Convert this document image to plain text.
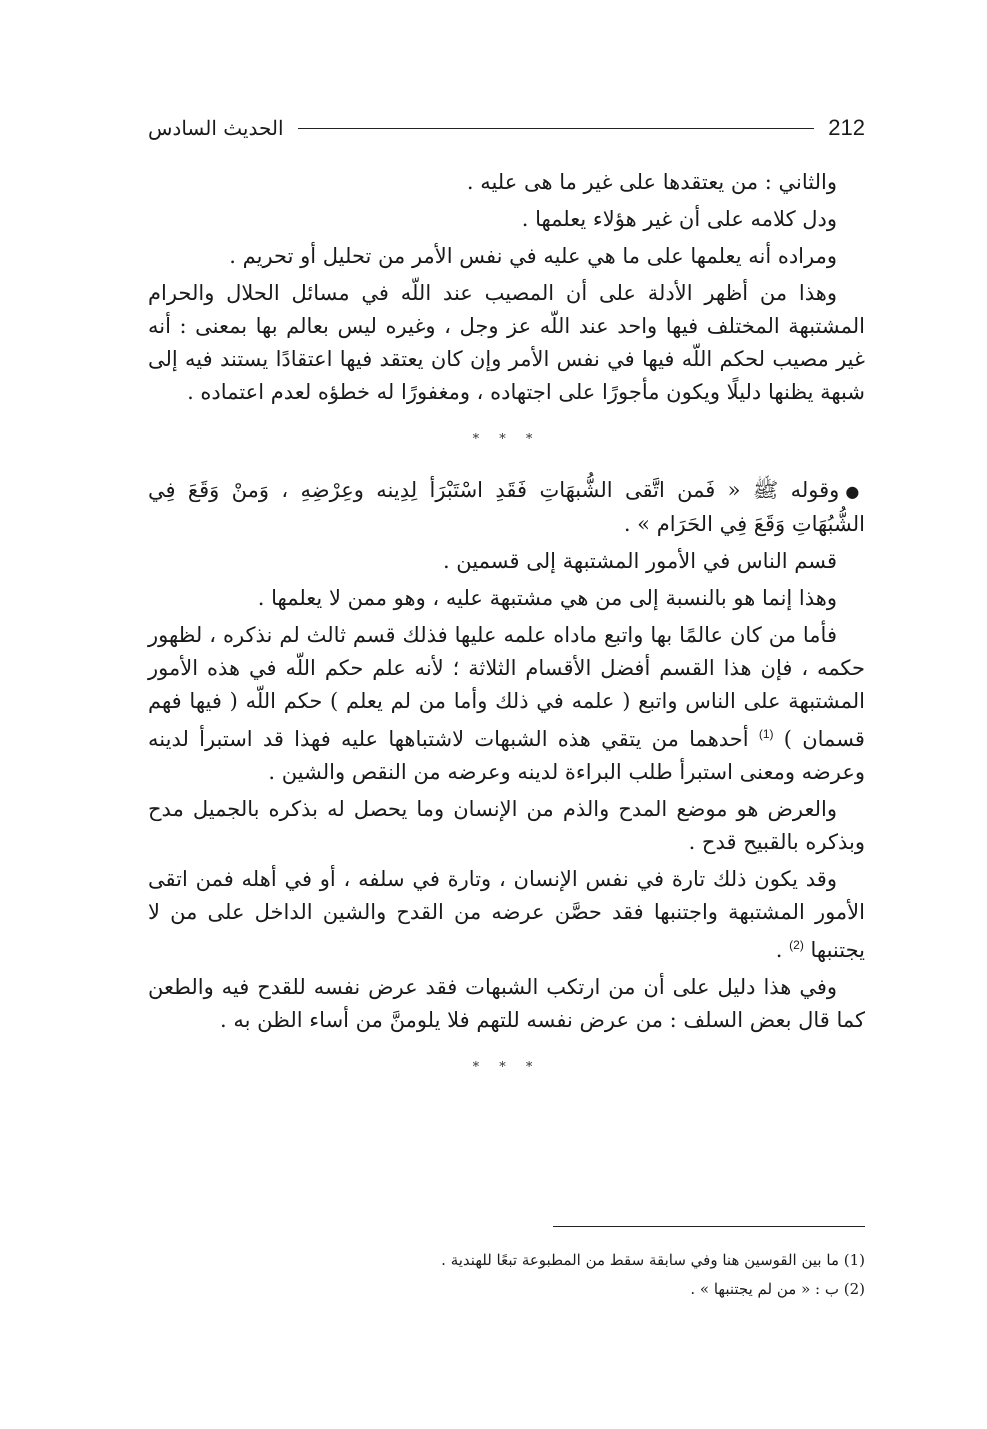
الحديث السادس	212

والثاني : من يعتقدها على غير ما هى عليه .

ودل كلامه على أن غير هؤلاء يعلمها .

ومراده أنه يعلمها على ما هي عليه في نفس الأمر من تحليل أو تحريم .

وهذا من أظهر الأدلة على أن المصيب عند اللّه في مسائل الحلال والحرام المشتبهة المختلف فيها واحد عند اللّه عز وجل ، وغيره ليس بعالم بها بمعنى : أنه غير مصيب لحكم اللّه فيها في نفس الأمر وإن كان يعتقد فيها اعتقادًا يستند فيه إلى شبهة يظنها دليلًا ويكون مأجورًا على اجتهاده ، ومغفورًا له خطؤه لعدم اعتماده .

* * *

●وقوله ﷺ « فَمن اتَّقى الشُّبهَاتِ فَقَدِ اسْتَبْرَأ لِدِينه وعِرْضِهِ ، وَمنْ وَقَعَ فِي الشُّبُهَاتِ وَقَعَ فِي الحَرَام » .

قسم الناس في الأمور المشتبهة إلى قسمين .

وهذا إنما هو بالنسبة إلى من هي مشتبهة عليه ، وهو ممن لا يعلمها .

فأما من كان عالمًا بها واتبع ماداه علمه عليها فذلك قسم ثالث لم نذكره ، لظهور حكمه ، فإن هذا القسم أفضل الأقسام الثلاثة ؛ لأنه علم حكم اللّه في هذه الأمور المشتبهة على الناس واتبع ( علمه في ذلك وأما من لم يعلم ) حكم اللّه ( فيها فهم قسمان ) $^{(1)}$ أحدهما من يتقي هذه الشبهات لاشتباهها عليه فهذا قد استبرأ لدينه وعرضه ومعنى استبرأ طلب البراءة لدينه وعرضه من النقص والشين .

والعرض هو موضع المدح والذم من الإنسان وما يحصل له بذكره بالجميل مدح وبذكره بالقبيح قدح .

وقد يكون ذلك تارة في نفس الإنسان ، وتارة في سلفه ، أو في أهله فمن اتقى الأمور المشتبهة واجتنبها فقد حصَّن عرضه من القدح والشين الداخل على من لا يجتنبها $^{(2)}$ .

وفي هذا دليل على أن من ارتكب الشبهات فقد عرض نفسه للقدح فيه والطعن كما قال بعض السلف : من عرض نفسه للتهم فلا يلومنَّ من أساء الظن به .

* * *

(1) ما بين القوسين هنا وفي سابقة سقط من المطبوعة تبعًا للهندية .

(2) ب : « من لم يجتنبها » .
